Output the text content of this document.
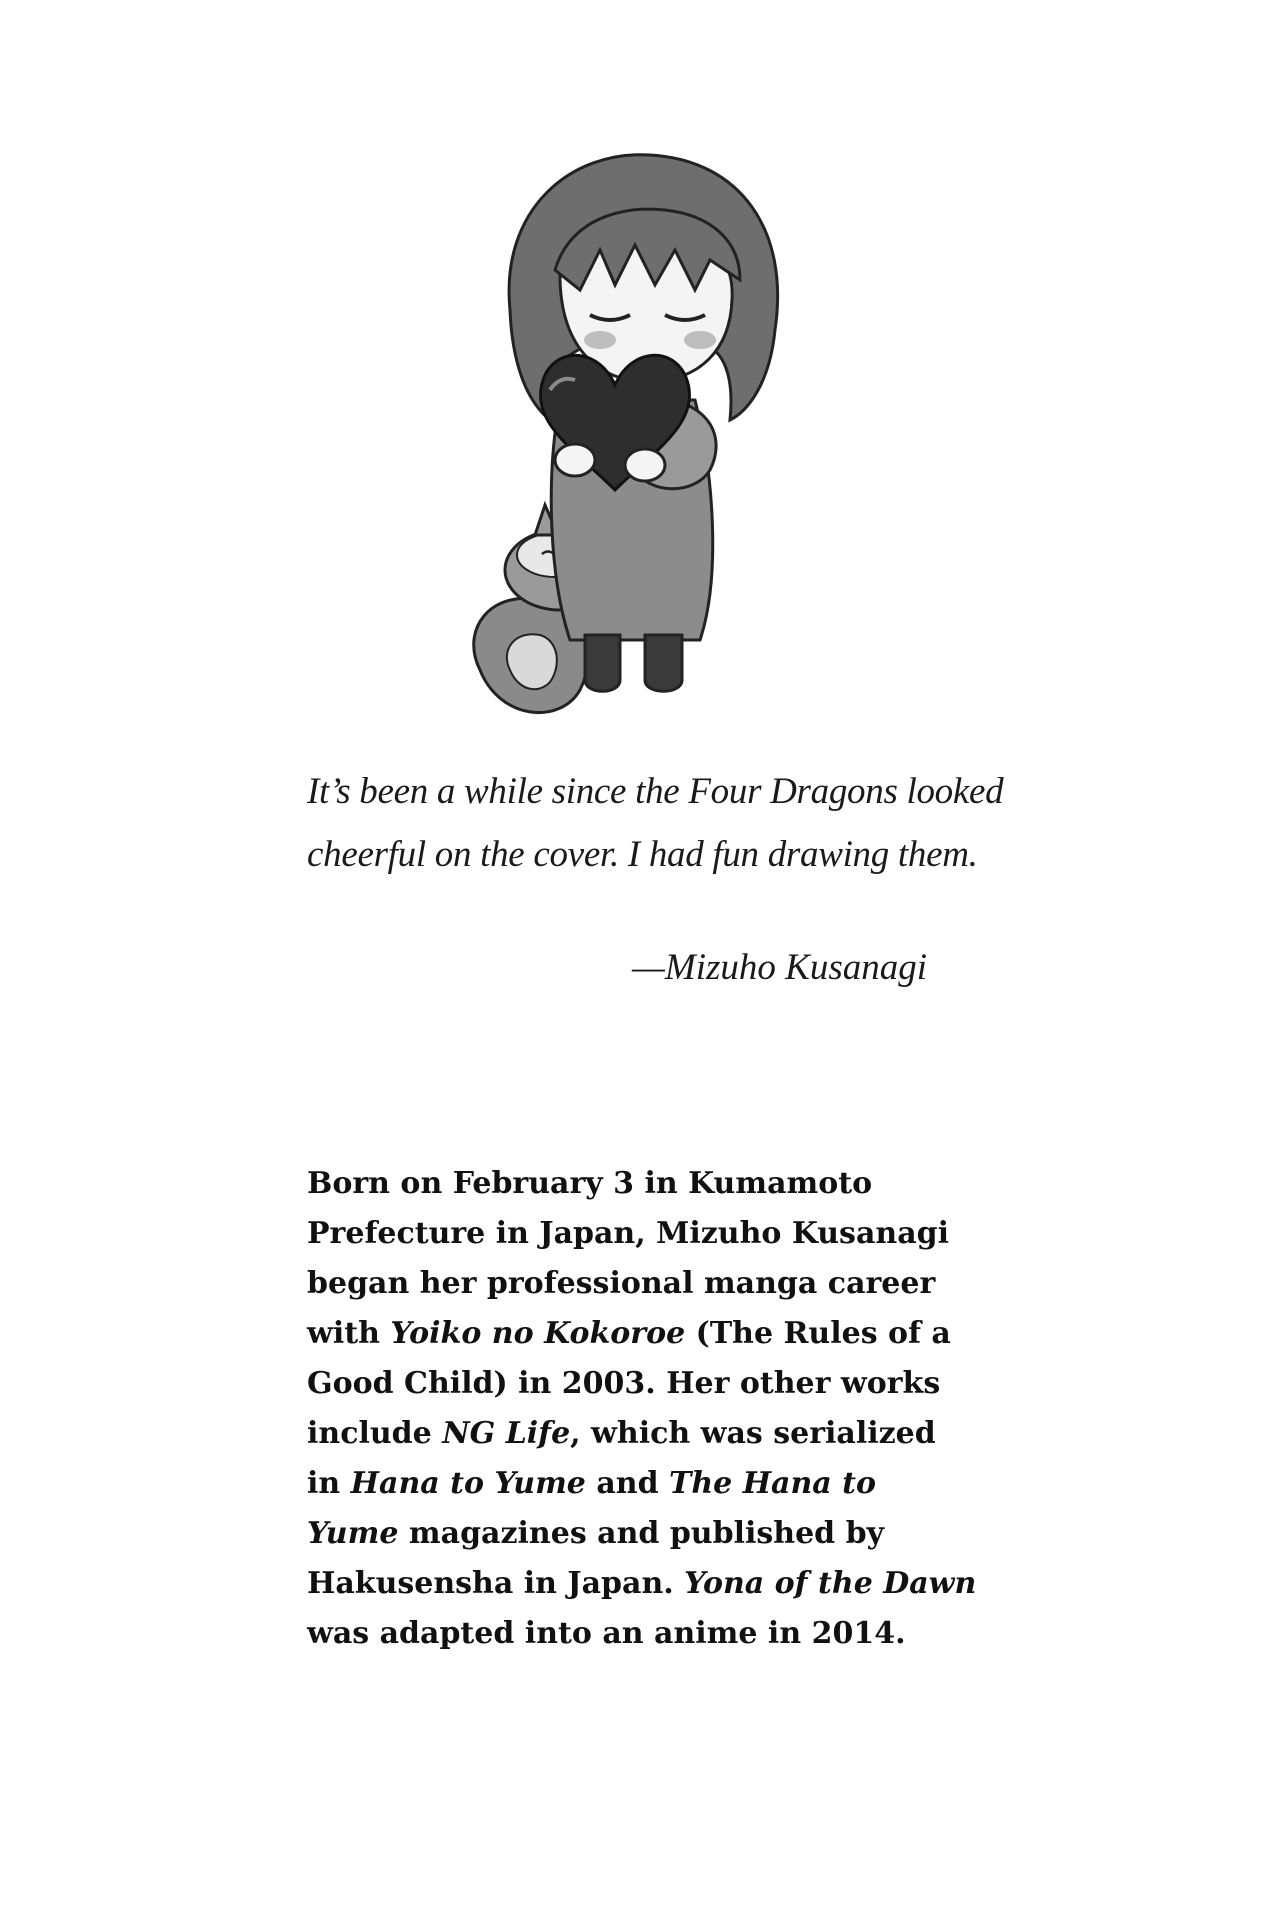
It’s been a while since the Four Dragons looked
cheerful on the cover. I had fun drawing them.
—Mizuho Kusanagi
Born on February 3 in Kumamoto
Prefecture in Japan, Mizuho Kusanagi
began her professional manga career
with Yoiko no Kokoroe (The Rules of a
Good Child) in 2003. Her other works
include NG Life, which was serialized
in Hana to Yume and The Hana to
Yume magazines and published by
Hakusensha in Japan. Yona of the Dawn
was adapted into an anime in 2014.
